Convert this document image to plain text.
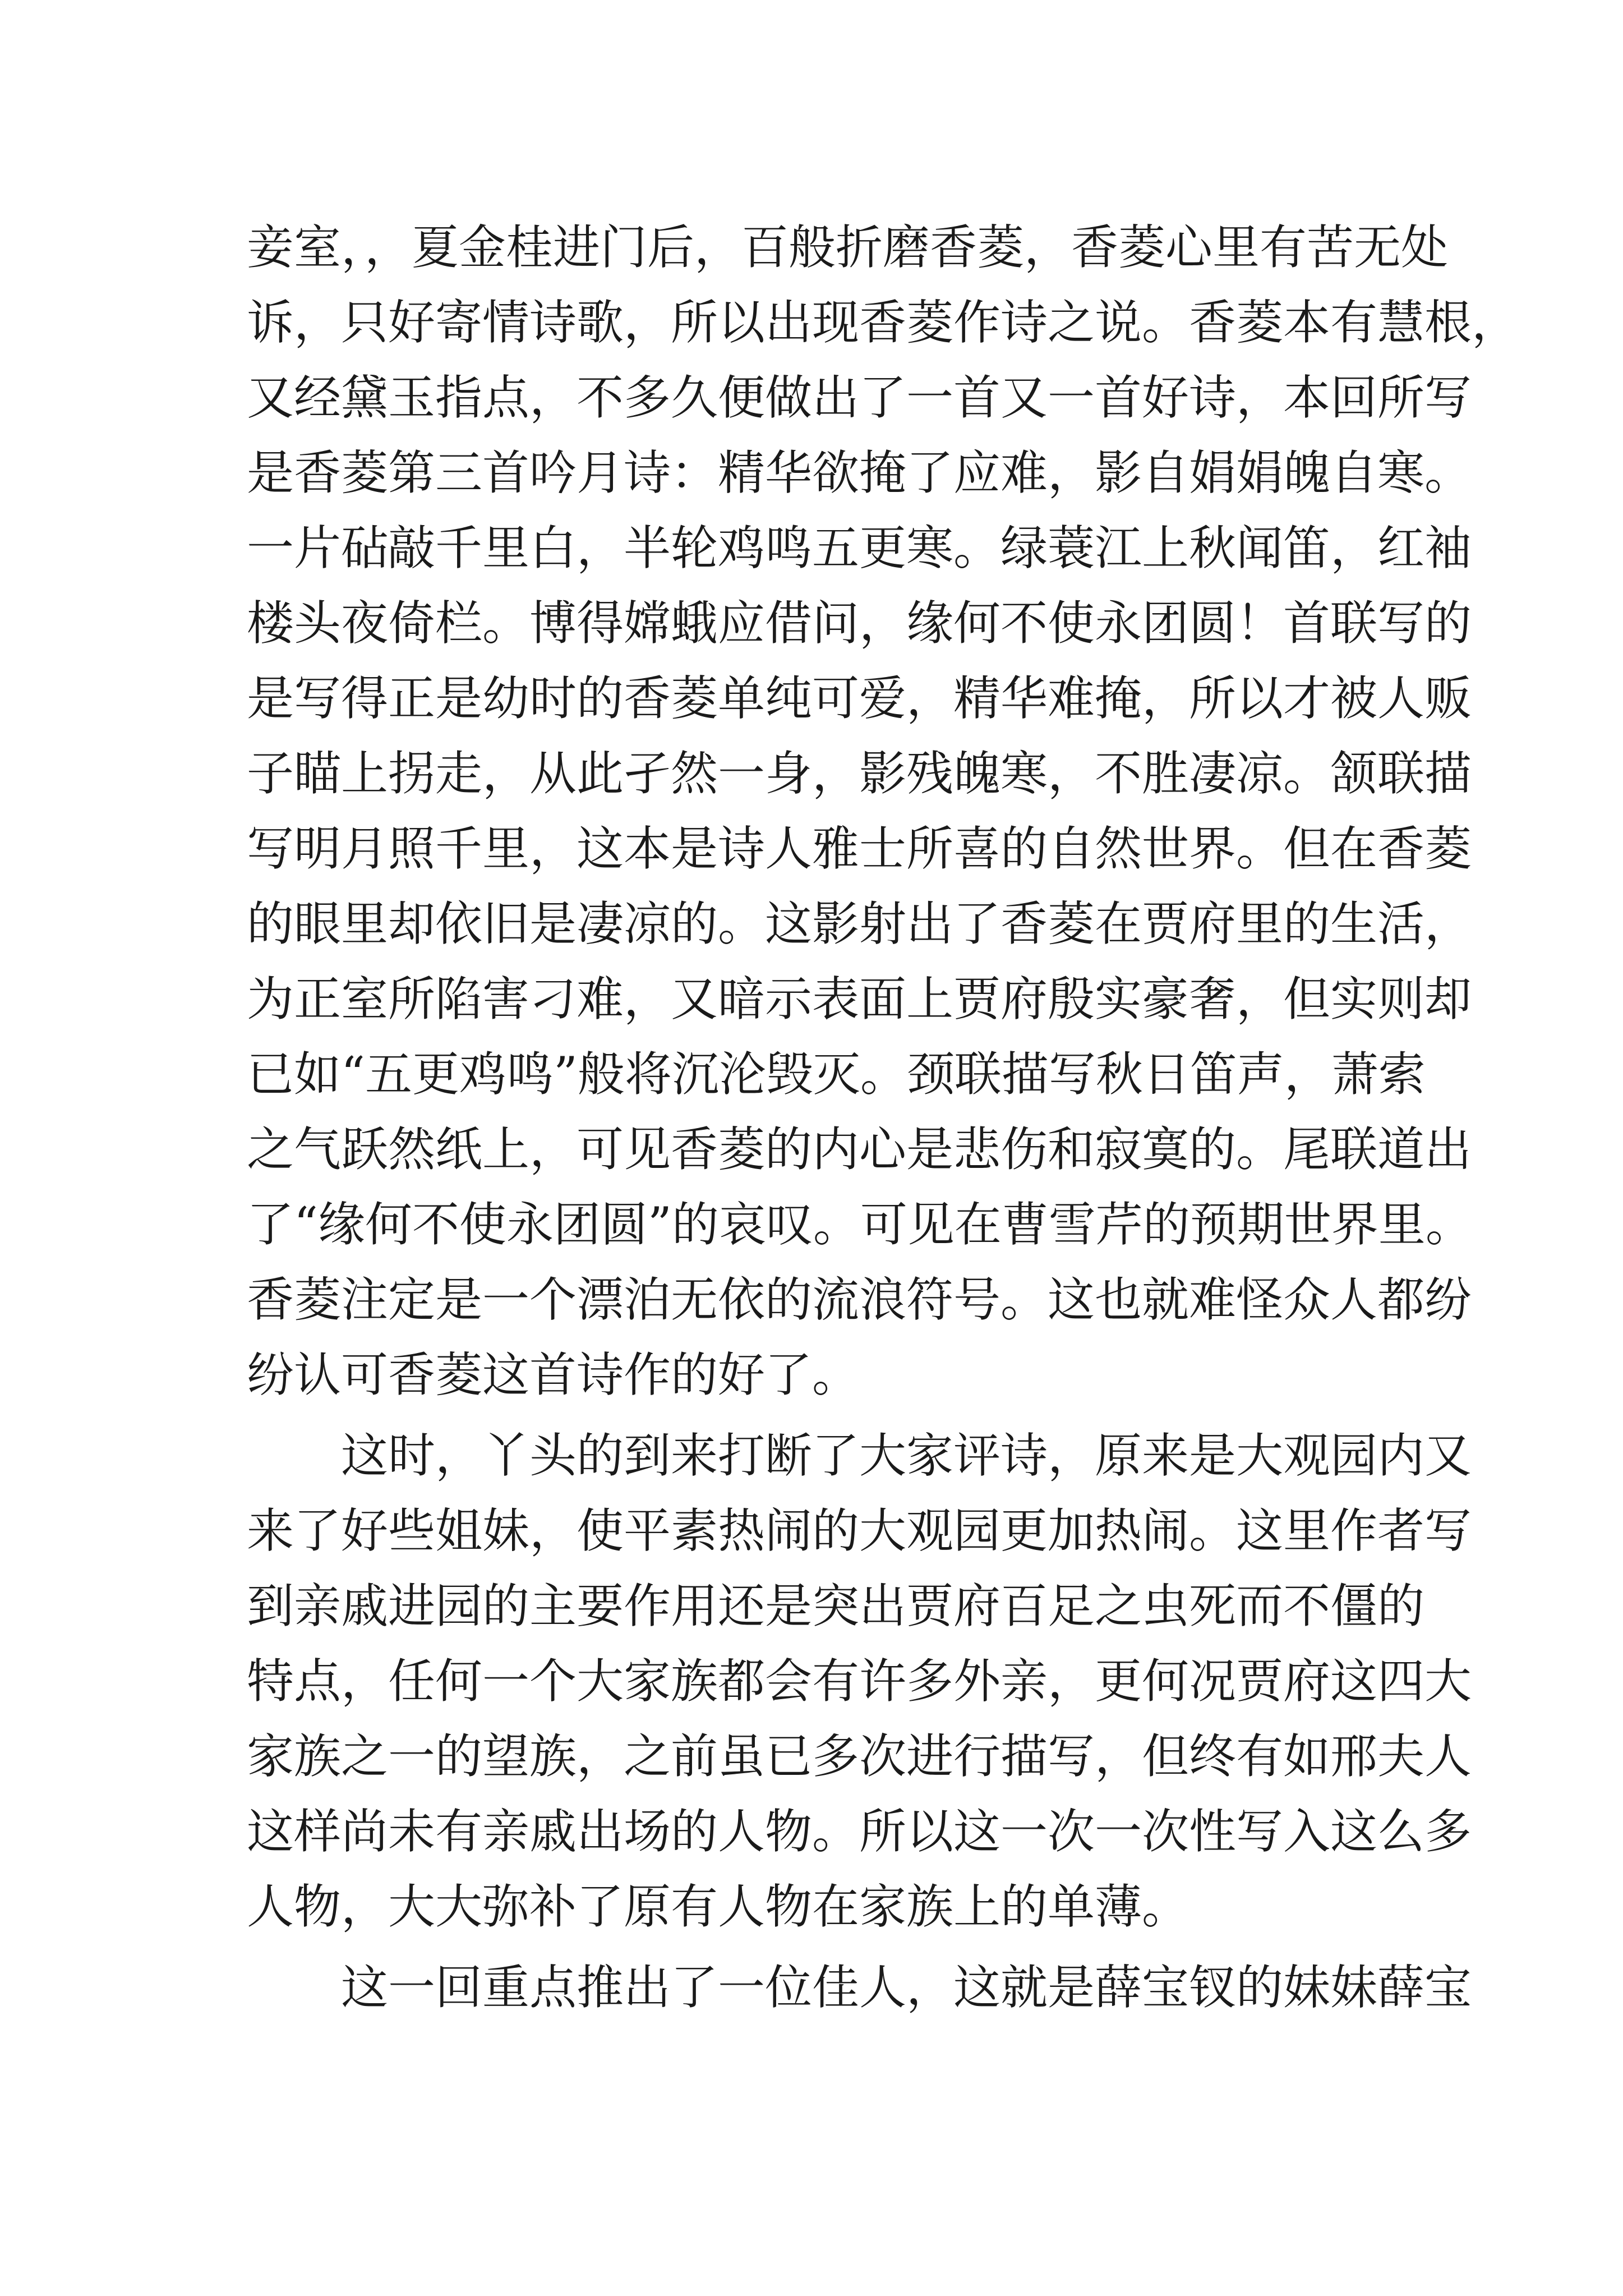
妾室，，夏金桂进门后，百般折磨香菱，香菱心里有苦无处
诉，只好寄情诗歌，所以出现香菱作诗之说。香菱本有慧根，
又经黛玉指点，不多久便做出了一首又一首好诗，本回所写
是香菱第三首吟月诗：精华欲掩了应难，影自娟娟魄自寒。
一片砧敲千里白，半轮鸡鸣五更寒。绿蓑江上秋闻笛，红袖
楼头夜倚栏。博得嫦蛾应借问，缘何不使永团圆！首联写的
是写得正是幼时的香菱单纯可爱，精华难掩，所以才被人贩
子瞄上拐走，从此孑然一身，影残魄寒，不胜凄凉。颔联描
写明月照千里，这本是诗人雅士所喜的自然世界。但在香菱
的眼里却依旧是凄凉的。这影射出了香菱在贾府里的生活，
为正室所陷害刁难，又暗示表面上贾府殷实豪奢，但实则却
已如“五更鸡鸣”般将沉沦毁灭。颈联描写秋日笛声，萧索
之气跃然纸上，可见香菱的内心是悲伤和寂寞的。尾联道出
了“缘何不使永团圆”的哀叹。可见在曹雪芹的预期世界里。
香菱注定是一个漂泊无依的流浪符号。这也就难怪众人都纷
纷认可香菱这首诗作的好了。
这时，丫头的到来打断了大家评诗，原来是大观园内又
来了好些姐妹，使平素热闹的大观园更加热闹。这里作者写
到亲戚进园的主要作用还是突出贾府百足之虫死而不僵的
特点，任何一个大家族都会有许多外亲，更何况贾府这四大
家族之一的望族，之前虽已多次进行描写，但终有如邢夫人
这样尚未有亲戚出场的人物。所以这一次一次性写入这么多
人物，大大弥补了原有人物在家族上的单薄。
这一回重点推出了一位佳人，这就是薛宝钗的妹妹薛宝
